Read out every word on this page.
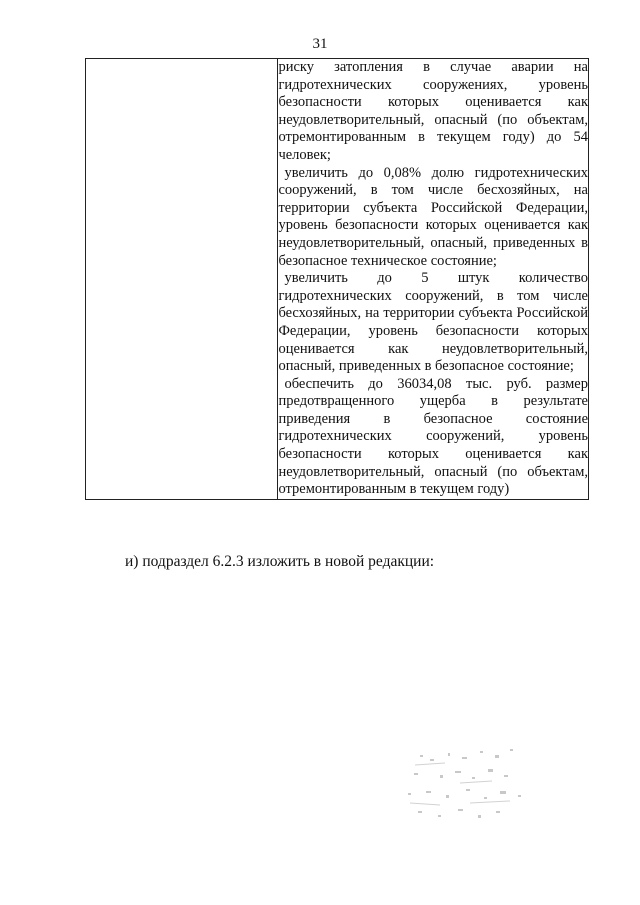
31

риску затопления в случае аварии на гидротехнических сооружениях, уровень безопасности которых оценивается как неудовлетворительный, опасный (по объектам, отремонтированным в текущем году) до 54 человек;

увеличить до 0,08% долю гидротехнических сооружений, в том числе бесхозяйных, на территории субъекта Российской Федерации, уровень безопасности которых оценивается как неудовлетворительный, опасный, приведенных в безопасное техническое состояние;

увеличить до 5 штук количество гидротехнических сооружений, в том числе бесхозяйных, на территории субъекта Российской Федерации, уровень безопасности которых оценивается как неудовлетворительный, опасный, приведенных в безопасное состояние;

обеспечить до 36034,08 тыс. руб. размер предотвращенного ущерба в результате приведения в безопасное состояние гидротехнических сооружений, уровень безопасности которых оценивается как неудовлетворительный, опасный (по объектам, отремонтированным в текущем году)

и) подраздел 6.2.3 изложить в новой редакции:
